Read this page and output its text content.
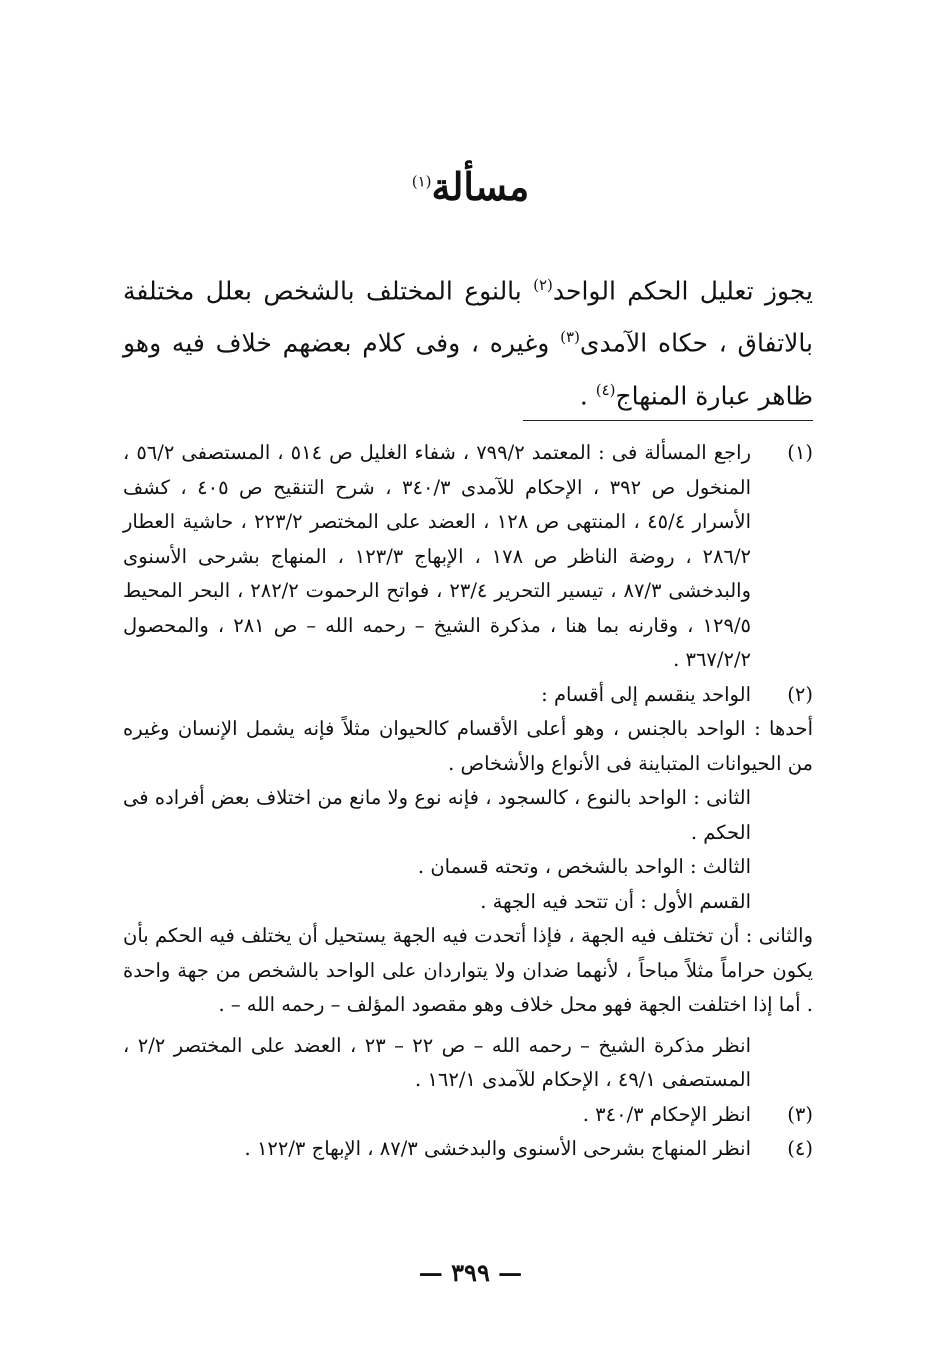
مسألة$^{(١)}$
يجوز تعليل الحكم الواحد$^{(٢)}$ بالنوع المختلف بالشخص بعلل مختلفة بالاتفاق ، حكاه الآمدى$^{(٣)}$ وغيره ، وفى كلام بعضهم خلاف فيه وهو ظاهر عبارة المنهاج$^{(٤)}$ .
(١)

راجع المسألة فى : المعتمد ٧٩٩/٢ ، شفاء الغليل ص ٥١٤ ، المستصفى ٥٦/٢ ، المنخول ص ٣٩٢ ، الإحكام للآمدى ٣٤٠/٣ ، شرح التنقيح ص ٤٠٥ ، كشف الأسرار ٤٥/٤ ، المنتهى ص ١٢٨ ، العضد على المختصر ٢٢٣/٢ ، حاشية العطار ٢٨٦/٢ ، روضة الناظر ص ١٧٨ ، الإبهاج ١٢٣/٣ ، المنهاج بشرحى الأسنوى والبدخشى ٨٧/٣ ، تيسير التحرير ٢٣/٤ ، فواتح الرحموت ٢٨٢/٢ ، البحر المحيط ١٢٩/٥ ، وقارنه بما هنا ، مذكرة الشيخ – رحمه الله – ص ٢٨١ ، والمحصول ٣٦٧/٢/٢ .

(٢)

الواحد ينقسم إلى أقسام :

أحدها : الواحد بالجنس ، وهو أعلى الأقسام كالحيوان مثلاً فإنه يشمل الإنسان وغيره من الحيوانات المتباينة فى الأنواع والأشخاص .

الثانى : الواحد بالنوع ، كالسجود ، فإنه نوع ولا مانع من اختلاف بعض أفراده فى الحكم .

الثالث : الواحد بالشخص ، وتحته قسمان .

القسم الأول : أن تتحد فيه الجهة .

والثانى : أن تختلف فيه الجهة ، فإذا أتحدت فيه الجهة يستحيل أن يختلف فيه الحكم بأن يكون حراماً مثلاً مباحاً ، لأنهما ضدان ولا يتواردان على الواحد بالشخص من جهة واحدة . أما إذا اختلفت الجهة فهو محل خلاف وهو مقصود المؤلف – رحمه الله – .

انظر مذكرة الشيخ – رحمه الله – ص ٢٢ – ٢٣ ، العضد على المختصر ٢/٢ ، المستصفى ٤٩/١ ، الإحكام للآمدى ١٦٢/١ .

(٣)

انظر الإحكام ٣٤٠/٣ .

(٤)

انظر المنهاج بشرحى الأسنوى والبدخشى ٨٧/٣ ، الإبهاج ١٢٢/٣ .

— ٣٩٩ —
